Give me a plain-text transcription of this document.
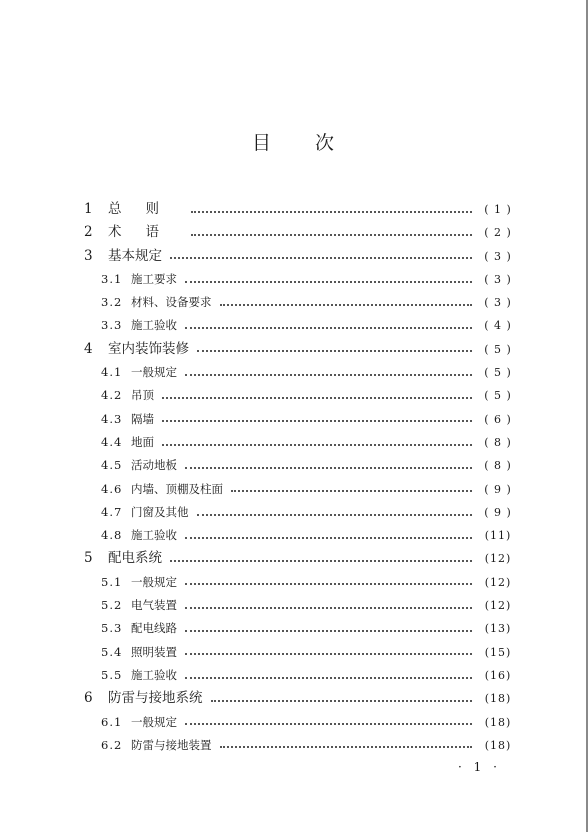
目次
1	总则	( 1 )
2	术语	( 2 )
3	基本规定	( 3 )
3.1 施工要求	( 3 )
3.2 材料、设备要求	( 3 )
3.3 施工验收	( 4 )
4	室内装饰装修	( 5 )
4.1 一般规定	( 5 )
4.2 吊顶	( 5 )
4.3 隔墙	( 6 )
4.4 地面	( 8 )
4.5 活动地板	( 8 )
4.6 内墙、顶棚及柱面	( 9 )
4.7 门窗及其他	( 9 )
4.8 施工验收	(11)
5	配电系统	(12)
5.1 一般规定	(12)
5.2 电气装置	(12)
5.3 配电线路	(13)
5.4 照明装置	(15)
5.5 施工验收	(16)
6	防雷与接地系统	(18)
6.1 一般规定	(18)
6.2 防雷与接地装置	(18)
· 1 ·
